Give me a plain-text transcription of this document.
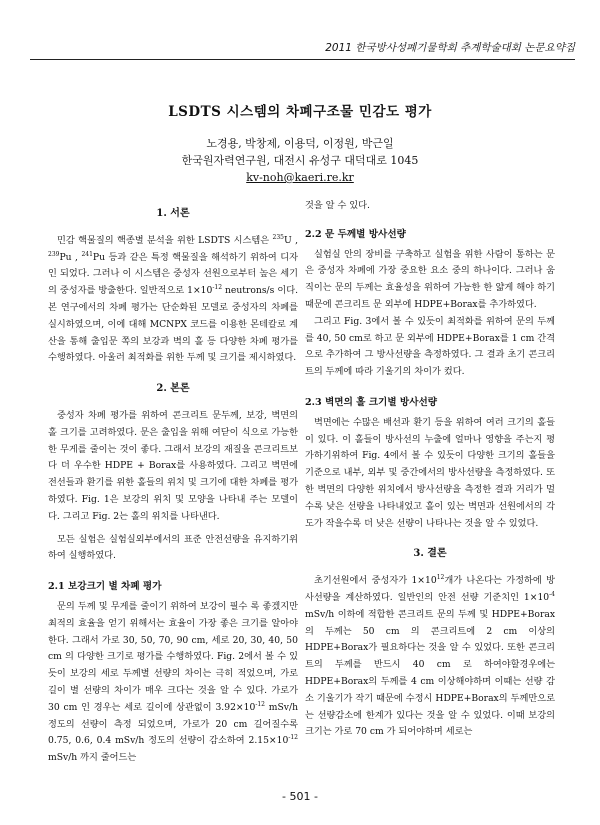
2011 한국방사성폐기물학회 추계학술대회 논문요약집
LSDTS 시스템의 차폐구조물 민감도 평가
노경용, 박창제, 이용덕, 이정원, 박근일
한국원자력연구원, 대전시 유성구 대덕대로 1045
kv-noh@kaeri.re.kr
1. 서론

민감 핵물질의 핵종별 분석을 위한 LSDTS 시스템은 $^{235}$U , $^{239}$Pu , $^{241}$Pu 등과 같은 특정 핵물질을 해석하기 위하여 디자인 되었다. 그러나 이 시스템은 중성자 선원으로부터 높은 세기의 중성자를 방출한다. 일반적으로 $1\times 10^{-12}$ neutrons/s 이다. 본 연구에서의 차폐 평가는 단순화된 모델로 중성자의 차폐를 실시하였으며, 이에 대해 MCNPX 코드를 이용한 몬테칼로 계산을 통해 출입문 쪽의 보강과 벽의 홀 등 다양한 차폐 평가를 수행하였다. 아울러 최적화를 위한 두께 및 크기를 제시하였다.

2. 본론

중성자 차폐 평가를 위하여 콘크리트 문두께, 보강, 벽면의 홀 크기를 고려하였다. 문은 출입을 위해 여닫이 식으로 가능한 한 무게를 줄이는 것이 좋다. 그래서 보강의 재질을 콘크리트보다 더 우수한 HDPE + Borax를 사용하였다. 그리고 벽면에 전선들과 환기를 위한 홀들의 위치 및 크기에 대한 차폐를 평가하였다. Fig. 1은 보강의 위치 및 모양을 나타내 주는 모델이다. 그리고 Fig. 2는 홀의 위치를 나타낸다.

모든 실험은 실험실외부에서의 표준 안전선량을 유지하기위하여 실행하였다.

2.1 보강크기 별 차폐 평가

문의 두께 및 무게를 줄이기 위하여 보강이 필수 록 좋겠지만 최적의 효율을 얻기 위해서는 효율이 가장 좋은 크기를 알아야한다. 그래서 가로 30, 50, 70, 90 cm, 세로 20, 30, 40, 50 cm 의 다양한 크기로 평가를 수행하였다. Fig. 2에서 볼 수 있듯이 보강의 세로 두께별 선량의 차이는 극히 적었으며, 가로 길이 별 선량의 차이가 매우 크다는 것을 알 수 있다. 가로가 30 cm 인 경우는 세로 길이에 상관없이 $3.92\times 10^{-12}$ mSv/h 정도의 선량이 측정 되었으며, 가로가 20 cm 길어질수록 0.75, 0.6, 0.4 mSv/h 정도의 선량이 감소하여 $2.15\times 10^{-12}$ mSv/h 까지 줄어드는

것을 알 수 있다.

2.2 문 두께별 방사선량

실험실 안의 장비를 구축하고 실험을 위한 사람이 통하는 문은 중성자 차폐에 가장 중요한 요소 중의 하나이다. 그러나 움직이는 문의 두께는 효율성을 위하여 가능한 한 얇게 해야 하기 때문에 콘크리트 문 외부에 HDPE+Borax를 추가하였다.

그리고 Fig. 3에서 볼 수 있듯이 최적화를 위하여 문의 두께를 40, 50 cm로 하고 문 외부에 HDPE+Borax를 1 cm 간격으로 추가하여 그 방사선량을 측정하였다. 그 결과 초기 콘크리트의 두께에 따라 기울기의 차이가 컸다.

2.3 벽면의 홀 크기별 방사선량

벽면에는 수많은 배선과 환기 등을 위하여 여러 크기의 홀들이 있다. 이 홀들이 방사선의 누출에 얼마나 영향을 주는지 평가하기위하여 Fig. 4에서 볼 수 있듯이 다양한 크기의 홀들을 기준으로 내부, 외부 및 중간에서의 방사선량을 측정하였다. 또한 벽면의 다양한 위치에서 방사선량을 측정한 결과 거리가 멀수록 낮은 선량을 나타내었고 홀이 있는 벽면과 선원에서의 각도가 작을수록 더 낮은 선량이 나타나는 것을 알 수 있었다.

3. 결론

초기선원에서 중성자가 $1\times 10^{12}$개가 나온다는 가정하에 방사선량을 계산하였다. 일반인의 안전 선량 기준치인 $1\times 10^{-4}$ mSv/h 이하에 적합한 콘크리트 문의 두께 및 HDPE+Borax 의 두께는 50 cm 의 콘크리트에 2 cm 이상의 HDPE+Borax가 필요하다는 것을 알 수 있었다. 또한 콘크리트의 두께를 반드시 40 cm 로 하여야할경우에는 HDPE+Borax의 두께를 4 cm 이상해야하며 이때는 선량 감소 기울기가 작기 때문에 수정시 HDPE+Borax의 두께만으로는 선량감소에 한계가 있다는 것을 알 수 있었다. 이때 보강의 크기는 가로 70 cm 가 되어야하며 세로는

- 501 -
